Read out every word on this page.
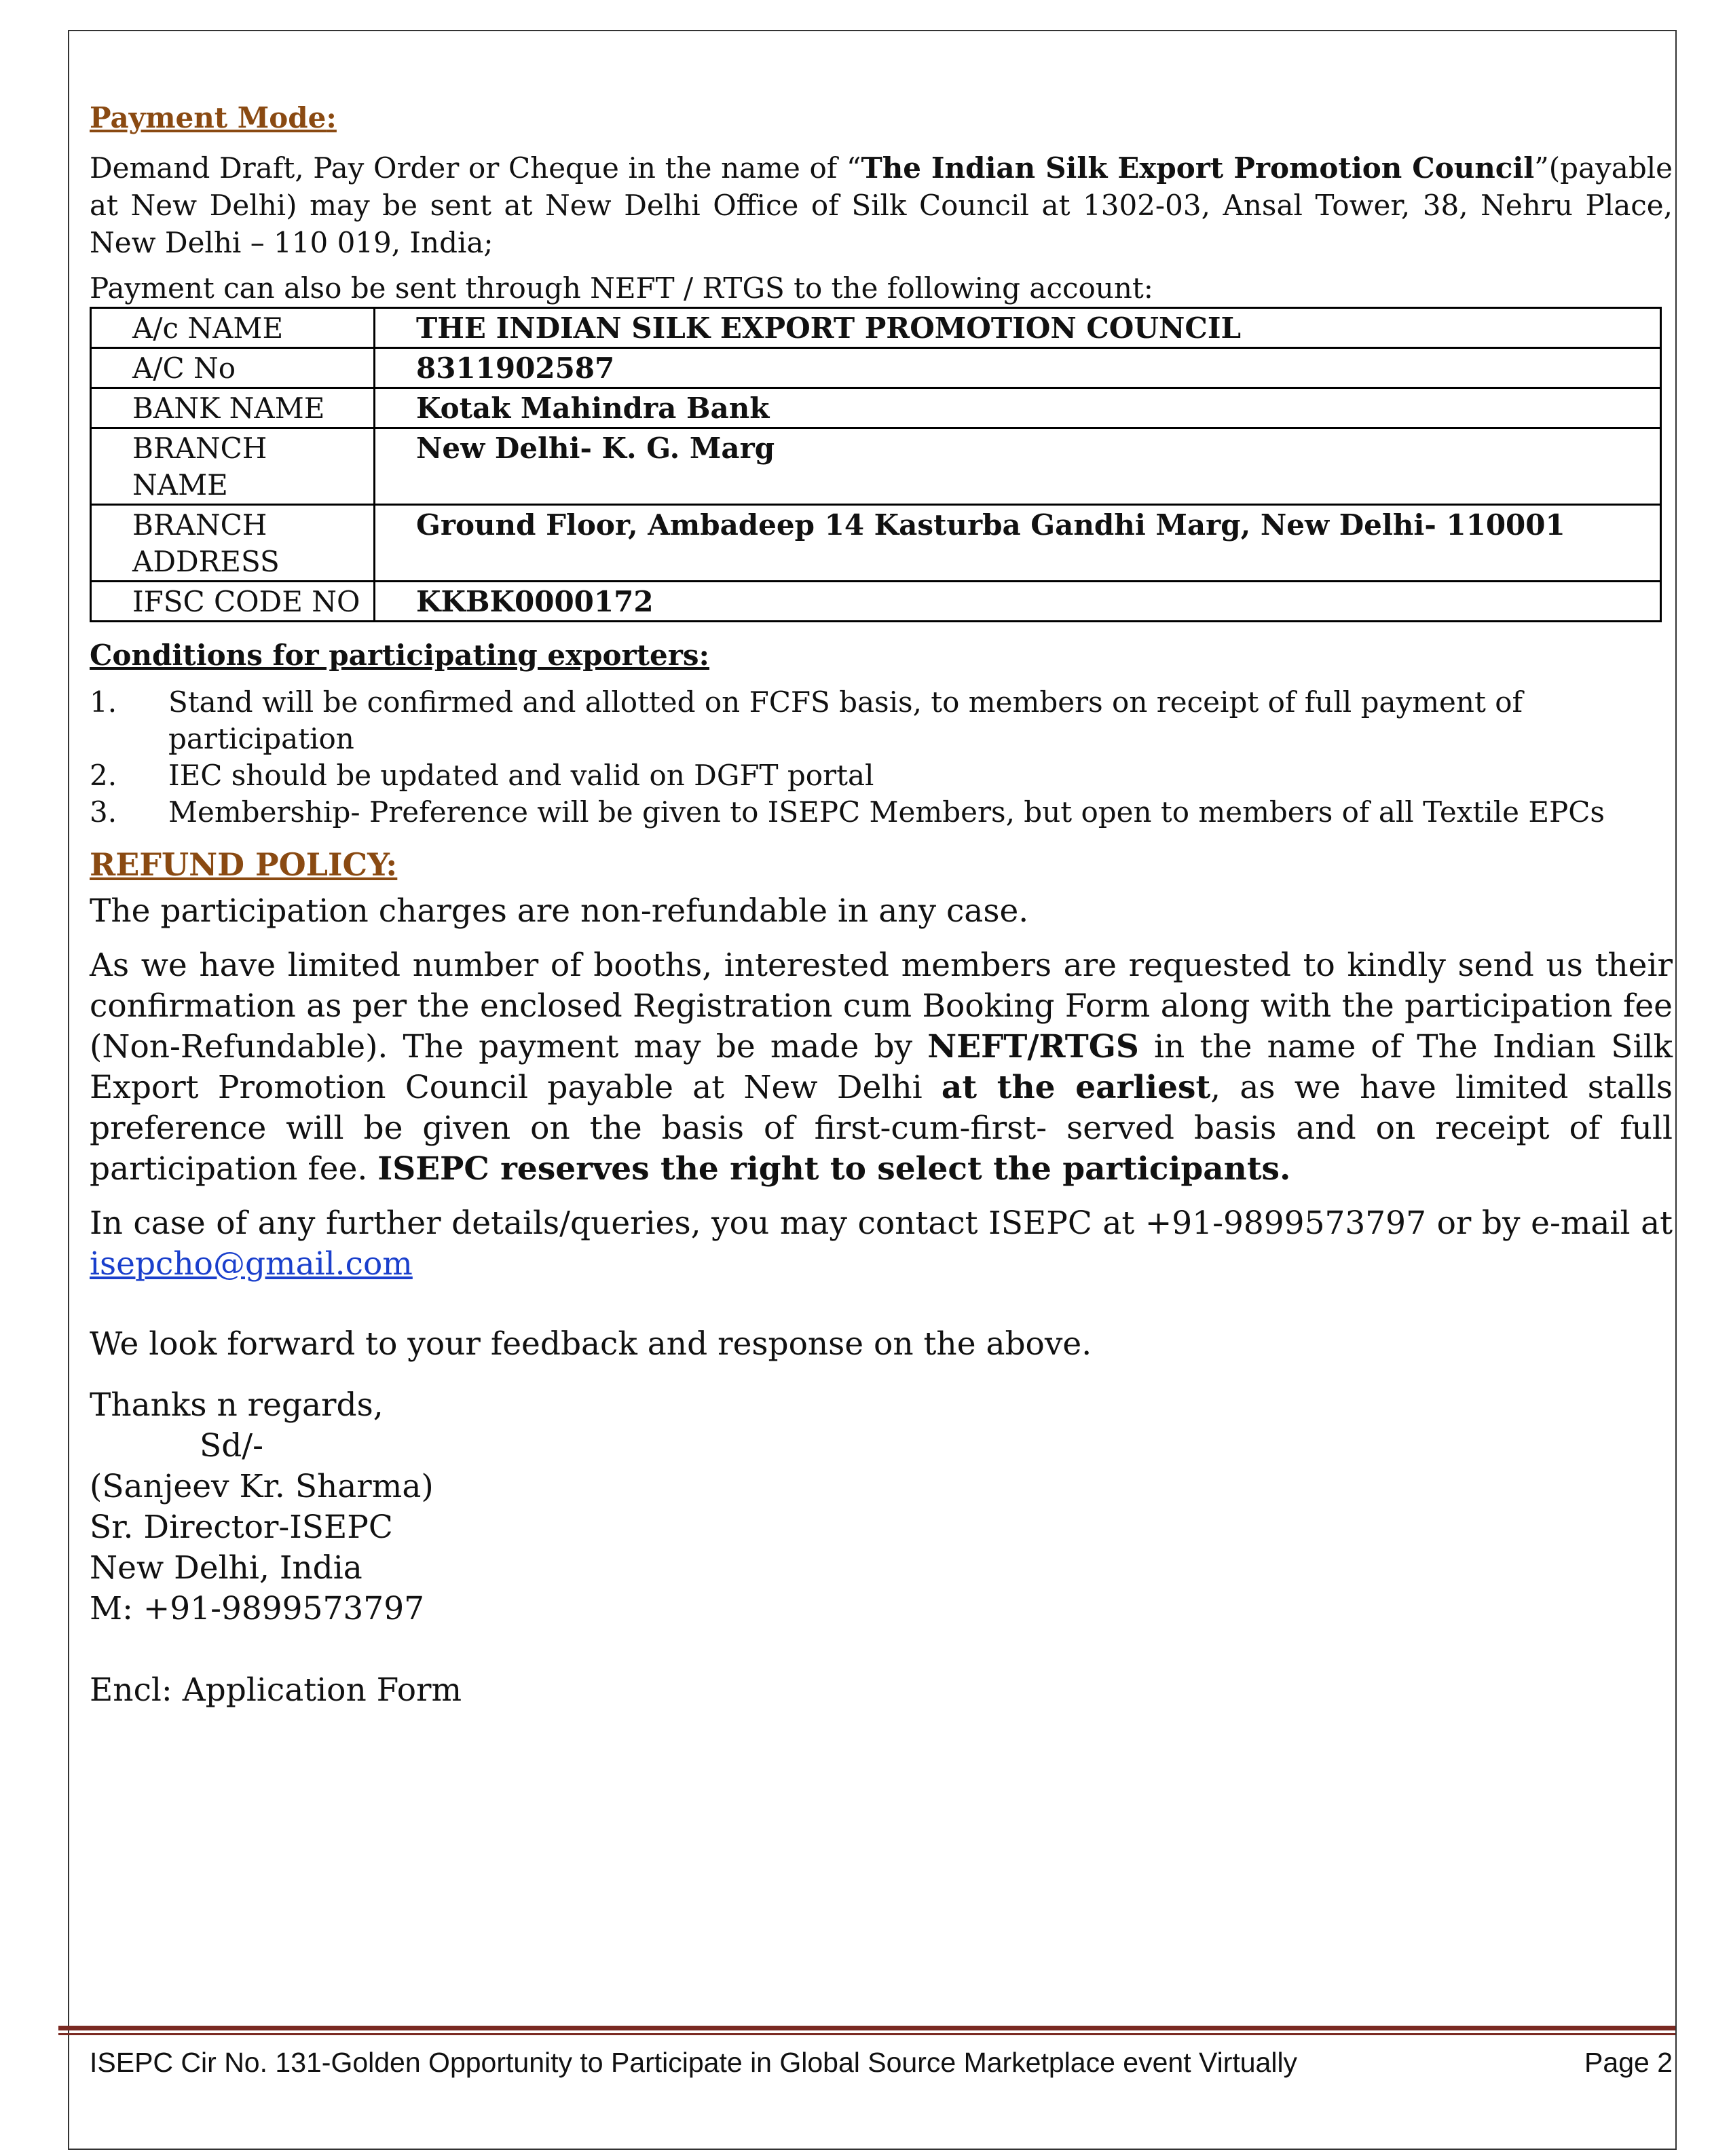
Payment Mode:

Demand Draft, Pay Order or Cheque in the name of “The Indian Silk Export Promotion Council”(payable at New Delhi) may be sent at New Delhi Office of Silk Council at 1302-03, Ansal Tower, 38, Nehru Place, New Delhi – 110 019, India;

Payment can also be sent through NEFT / RTGS to the following account:

A/c NAME	THE INDIAN SILK EXPORT PROMOTION COUNCIL
A/C No	8311902587
BANK NAME	Kotak Mahindra Bank
BRANCH NAME	New Delhi- K. G. Marg
BRANCH ADDRESS	Ground Floor, Ambadeep 14 Kasturba Gandhi Marg, New Delhi- 110001
IFSC CODE NO	KKBK0000172
Conditions for participating exporters:
1. Stand will be confirmed and allotted on FCFS basis, to members on receipt of full payment of participation
2. IEC should be updated and valid on DGFT portal
3. Membership- Preference will be given to ISEPC Members, but open to members of all Textile EPCs
REFUND POLICY:

The participation charges are non-refundable in any case.

As we have limited number of booths, interested members are requested to kindly send us their confirmation as per the enclosed Registration cum Booking Form along with the participation fee (Non-Refundable). The payment may be made by NEFT/RTGS in the name of The Indian Silk Export Promotion Council payable at New Delhi at the earliest, as we have limited stalls preference will be given on the basis of first-cum-first- served basis and on receipt of full participation fee. ISEPC reserves the right to select the participants.

In case of any further details/queries, you may contact ISEPC at +91-9899573797 or by e-mail at isepcho@gmail.com

We look forward to your feedback and response on the above.

Thanks n regards,

Sd/-

(Sanjeev Kr. Sharma)

Sr. Director-ISEPC

New Delhi, India

M: +91-9899573797

Encl: Application Form

ISEPC Cir No. 131-Golden Opportunity to Participate in Global Source Marketplace event Virtually	Page 2
